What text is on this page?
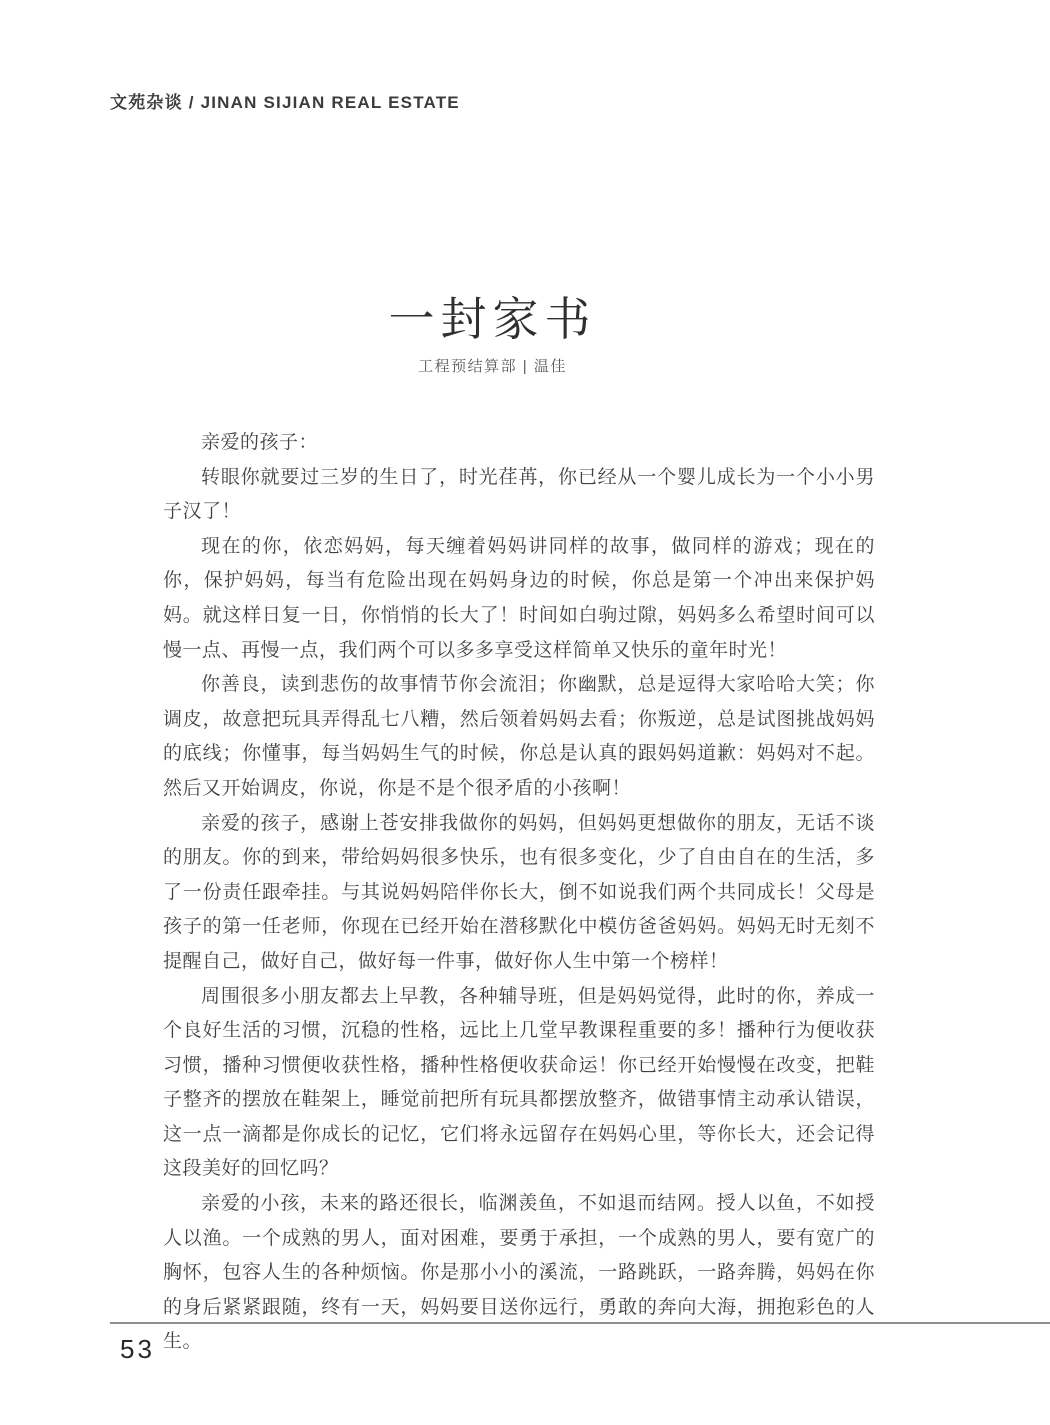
文苑杂谈 / JINAN SIJIAN REAL ESTATE
一封家书
工程预结算部 | 温佳

亲爱的孩子：

转眼你就要过三岁的生日了，时光荏苒，你已经从一个婴儿成长为一个小小男子汉了！

现在的你，依恋妈妈，每天缠着妈妈讲同样的故事，做同样的游戏；现在的你，保护妈妈，每当有危险出现在妈妈身边的时候，你总是第一个冲出来保护妈妈。就这样日复一日，你悄悄的长大了！时间如白驹过隙，妈妈多么希望时间可以慢一点、再慢一点，我们两个可以多多享受这样简单又快乐的童年时光！

你善良，读到悲伤的故事情节你会流泪；你幽默，总是逗得大家哈哈大笑；你调皮，故意把玩具弄得乱七八糟，然后领着妈妈去看；你叛逆，总是试图挑战妈妈的底线；你懂事，每当妈妈生气的时候，你总是认真的跟妈妈道歉：妈妈对不起。然后又开始调皮，你说，你是不是个很矛盾的小孩啊！

亲爱的孩子，感谢上苍安排我做你的妈妈，但妈妈更想做你的朋友，无话不谈的朋友。你的到来，带给妈妈很多快乐，也有很多变化，少了自由自在的生活，多了一份责任跟牵挂。与其说妈妈陪伴你长大，倒不如说我们两个共同成长！父母是孩子的第一任老师，你现在已经开始在潜移默化中模仿爸爸妈妈。妈妈无时无刻不提醒自己，做好自己，做好每一件事，做好你人生中第一个榜样！

周围很多小朋友都去上早教，各种辅导班，但是妈妈觉得，此时的你，养成一个良好生活的习惯，沉稳的性格，远比上几堂早教课程重要的多！播种行为便收获习惯，播种习惯便收获性格，播种性格便收获命运！你已经开始慢慢在改变，把鞋子整齐的摆放在鞋架上，睡觉前把所有玩具都摆放整齐，做错事情主动承认错误，这一点一滴都是你成长的记忆，它们将永远留存在妈妈心里，等你长大，还会记得这段美好的回忆吗？

亲爱的小孩，未来的路还很长，临渊羡鱼，不如退而结网。授人以鱼，不如授人以渔。一个成熟的男人，面对困难，要勇于承担，一个成熟的男人，要有宽广的胸怀，包容人生的各种烦恼。你是那小小的溪流，一路跳跃，一路奔腾，妈妈在你的身后紧紧跟随，终有一天，妈妈要目送你远行，勇敢的奔向大海，拥抱彩色的人生。

53
